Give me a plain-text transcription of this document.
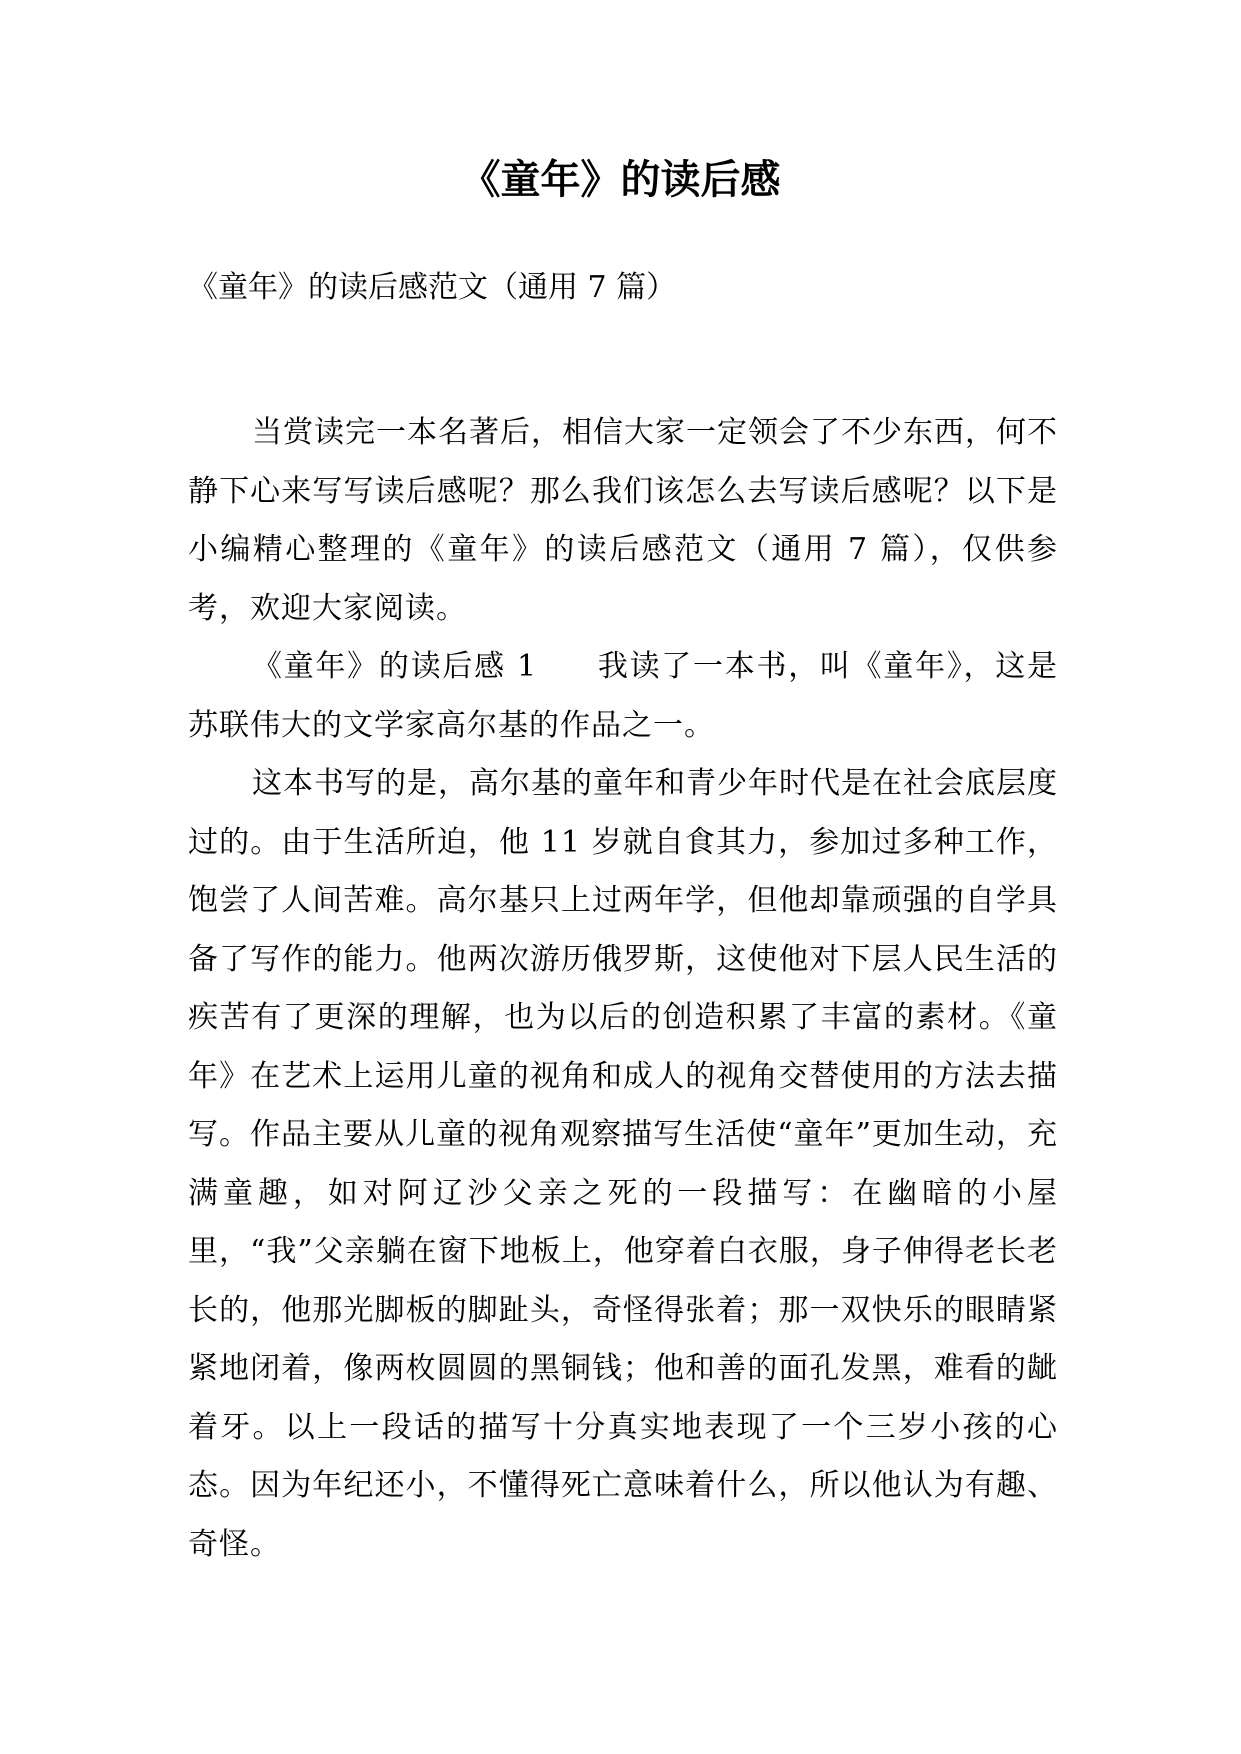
《童年》的读后感
《童年》的读后感范文（通用 7 篇）

当赏读完一本名著后，相信大家一定领会了不少东西，何不静下心来写写读后感呢？那么我们该怎么去写读后感呢？以下是小编精心整理的《童年》的读后感范文（通用 7 篇），仅供参考，欢迎大家阅读。

《童年》的读后感 1 我读了一本书，叫《童年》，这是苏联伟大的文学家高尔基的作品之一。

这本书写的是，高尔基的童年和青少年时代是在社会底层度过的。由于生活所迫，他 11 岁就自食其力，参加过多种工作，饱尝了人间苦难。高尔基只上过两年学，但他却靠顽强的自学具备了写作的能力。他两次游历俄罗斯，这使他对下层人民生活的疾苦有了更深的理解，也为以后的创造积累了丰富的素材。《童年》在艺术上运用儿童的视角和成人的视角交替使用的方法去描写。作品主要从儿童的视角观察描写生活使“童年”更加生动，充满童趣，如对阿辽沙父亲之死的一段描写：在幽暗的小屋里，“我”父亲躺在窗下地板上，他穿着白衣服，身子伸得老长老长的，他那光脚板的脚趾头，奇怪得张着；那一双快乐的眼睛紧紧地闭着，像两枚圆圆的黑铜钱；他和善的面孔发黑，难看的龇着牙。以上一段话的描写十分真实地表现了一个三岁小孩的心态。因为年纪还小，不懂得死亡意味着什么，所以他认为有趣、奇怪。
